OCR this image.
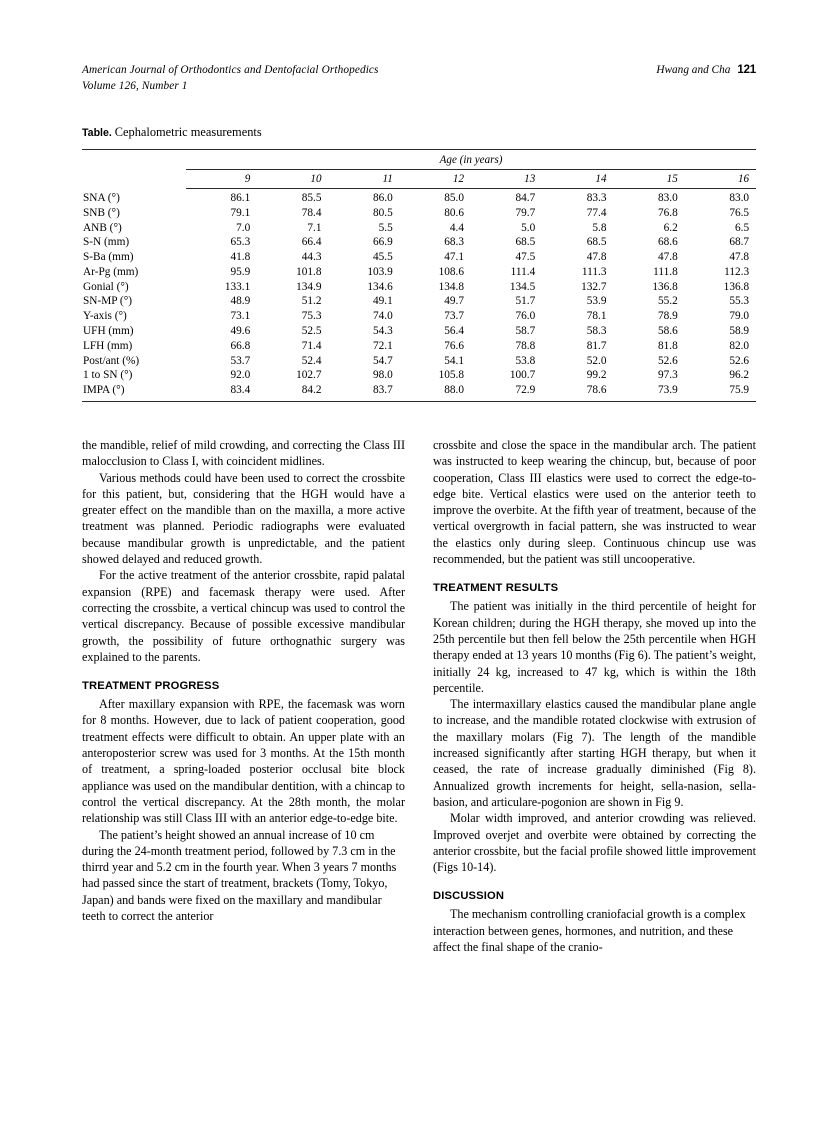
American Journal of Orthodontics and Dentofacial Orthopedics
Volume 126, Number 1
Hwang and Cha 121
Table. Cephalometric measurements
	Age (in years)							
	9	10	11	12	13	14	15	16
SNA (°)	86.1	85.5	86.0	85.0	84.7	83.3	83.0	83.0
SNB (°)	79.1	78.4	80.5	80.6	79.7	77.4	76.8	76.5
ANB (°)	7.0	7.1	5.5	4.4	5.0	5.8	6.2	6.5
S-N (mm)	65.3	66.4	66.9	68.3	68.5	68.5	68.6	68.7
S-Ba (mm)	41.8	44.3	45.5	47.1	47.5	47.8	47.8	47.8
Ar-Pg (mm)	95.9	101.8	103.9	108.6	111.4	111.3	111.8	112.3
Gonial (°)	133.1	134.9	134.6	134.8	134.5	132.7	136.8	136.8
SN-MP (°)	48.9	51.2	49.1	49.7	51.7	53.9	55.2	55.3
Y-axis (°)	73.1	75.3	74.0	73.7	76.0	78.1	78.9	79.0
UFH (mm)	49.6	52.5	54.3	56.4	58.7	58.3	58.6	58.9
LFH (mm)	66.8	71.4	72.1	76.6	78.8	81.7	81.8	82.0
Post/ant (%)	53.7	52.4	54.7	54.1	53.8	52.0	52.6	52.6
1 to SN (°)	92.0	102.7	98.0	105.8	100.7	99.2	97.3	96.2
IMPA (°)	83.4	84.2	83.7	88.0	72.9	78.6	73.9	75.9

the mandible, relief of mild crowding, and correcting the Class III malocclusion to Class I, with coincident midlines.

Various methods could have been used to correct the crossbite for this patient, but, considering that the HGH would have a greater effect on the mandible than on the maxilla, a more active treatment was planned. Periodic radiographs were evaluated because mandibular growth is unpredictable, and the patient showed delayed and reduced growth.

For the active treatment of the anterior crossbite, rapid palatal expansion (RPE) and facemask therapy were used. After correcting the crossbite, a vertical chincup was used to control the vertical discrepancy. Because of possible excessive mandibular growth, the possibility of future orthognathic surgery was explained to the parents.

TREATMENT PROGRESS

After maxillary expansion with RPE, the facemask was worn for 8 months. However, due to lack of patient cooperation, good treatment effects were difficult to obtain. An upper plate with an anteroposterior screw was used for 3 months. At the 15th month of treatment, a spring-loaded posterior occlusal bite block appliance was used on the mandibular dentition, with a chincap to control the vertical discrepancy. At the 28th month, the molar relationship was still Class III with an anterior edge-to-edge bite.

The patient’s height showed an annual increase of 10 cm during the 24-month treatment period, followed by 7.3 cm in the thirrd year and 5.2 cm in the fourth year. When 3 years 7 months had passed since the start of treatment, brackets (Tomy, Tokyo, Japan) and bands were fixed on the maxillary and mandibular teeth to correct the anterior

crossbite and close the space in the mandibular arch. The patient was instructed to keep wearing the chincup, but, because of poor cooperation, Class III elastics were used to correct the edge-to-edge bite. Vertical elastics were used on the anterior teeth to improve the overbite. At the fifth year of treatment, because of the vertical overgrowth in facial pattern, she was instructed to wear the elastics only during sleep. Continuous chincup use was recommended, but the patient was still uncooperative.

TREATMENT RESULTS

The patient was initially in the third percentile of height for Korean children; during the HGH therapy, she moved up into the 25th percentile but then fell below the 25th percentile when HGH therapy ended at 13 years 10 months (Fig 6). The patient’s weight, initially 24 kg, increased to 47 kg, which is within the 18th percentile.

The intermaxillary elastics caused the mandibular plane angle to increase, and the mandible rotated clockwise with extrusion of the maxillary molars (Fig 7). The length of the mandible increased significantly after starting HGH therapy, but when it ceased, the rate of increase gradually diminished (Fig 8). Annualized growth increments for height, sella-nasion, sella-basion, and articulare-pogonion are shown in Fig 9.

Molar width improved, and anterior crowding was relieved. Improved overjet and overbite were obtained by correcting the anterior crossbite, but the facial profile showed little improvement (Figs 10-14).

DISCUSSION

The mechanism controlling craniofacial growth is a complex interaction between genes, hormones, and nutrition, and these affect the final shape of the cranio-
